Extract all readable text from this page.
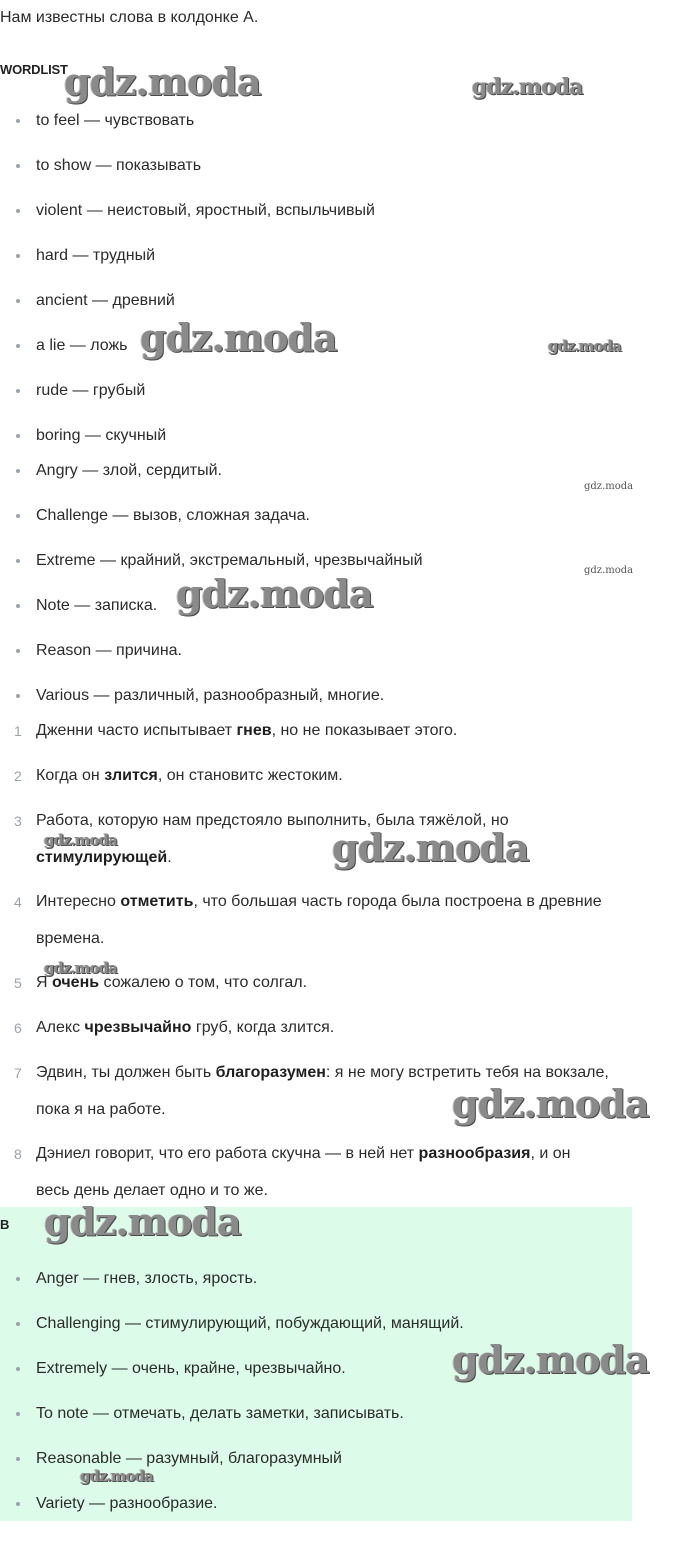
Нам известны слова в колдонке A.
WORDLIST
to feel — чувствовать
to show — показывать
violent — неистовый, яростный, вспыльчивый
hard — трудный
ancient — древний
a lie — ложь
rude — грубый
boring — скучный
Angry — злой, сердитый.
Challenge — вызов, сложная задача.
Extreme — крайний, экстремальный, чрезвычайный
Note — записка.
Reason — причина.
Various — различный, разнообразный, многие.
1 Дженни часто испытывает гнев, но не показывает этого.
2 Когда он злится, он становитс жестоким.
3 Работа, которую нам предстояло выполнить, была тяжёлой, но
стимулирующей.
4 Интересно отметить, что большая часть города была построена в древние
времена.
5 Я очень сожалею о том, что солгал.
6 Алекс чрезвычайно груб, когда злится.
7 Эдвин, ты должен быть благоразумен: я не могу встретить тебя на вокзале,
пока я на работе.
8 Дэниел говорит, что его работа скучна — в ней нет разнообразия, и он
весь день делает одно и то же.
B
Anger — гнев, злость, ярость.
Challenging — стимулирующий, побуждающий, манящий.
Extremely — очень, крайне, чрезвычайно.
To note — отмечать, делать заметки, записывать.
Reasonable — разумный, благоразумный
Variety — разнообразие.
gdz.moda	gdz.moda
gdz.moda	gdz.moda
gdz.moda
gdz.moda
gdz.moda
gdz.moda	gdz.moda
gdz.moda
gdz.moda
gdz.moda
gdz.moda
gdz.moda
